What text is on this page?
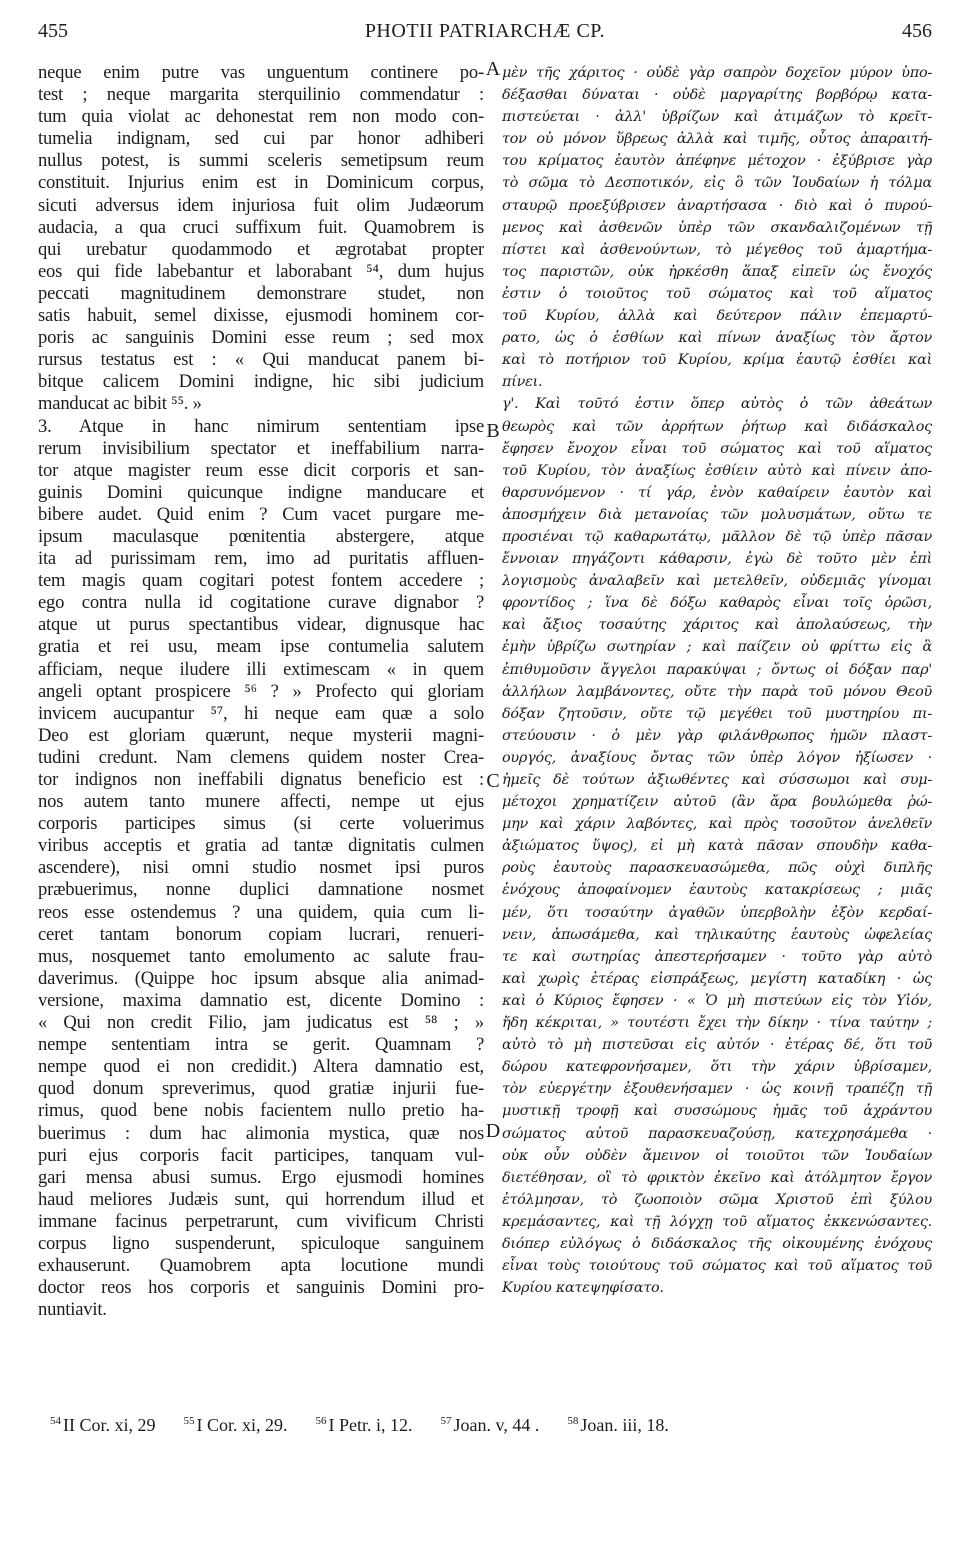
455	PHOTII PATRIARCHÆ CP.	456
neque enim putre vas unguentum continere po-
test ; neque margarita sterquilinio commendatur :
tum quia violat ac dehonestat rem non modo con-
tumelia indignam, sed cui par honor adhiberi
nullus potest, is summi sceleris semetipsum reum
constituit. Injurius enim est in Dominicum corpus,
sicuti adversus idem injuriosa fuit olim Judæorum
audacia, a qua cruci suffixum fuit. Quamobrem is
qui urebatur quodammodo et ægrotabat propter
eos qui fide labebantur et laborabant ⁵⁴, dum hujus
peccati magnitudinem demonstrare studet, non
satis habuit, semel dixisse, ejusmodi hominem cor-
poris ac sanguinis Domini esse reum ; sed mox
rursus testatus est : « Qui manducat panem bi-
bitque calicem Domini indigne, hic sibi judicium
manducat ac bibit ⁵⁵. »
3. Atque in hanc nimirum sententiam ipse
rerum invisibilium spectator et ineffabilium narra-
tor atque magister reum esse dicit corporis et san-
guinis Domini quicunque indigne manducare et
bibere audet. Quid enim ? Cum vacet purgare me-
ipsum maculasque pœnitentia abstergere, atque
ita ad purissimam rem, imo ad puritatis affluen-
tem magis quam cogitari potest fontem accedere ;
ego contra nulla id cogitatione curave dignabor ?
atque ut purus spectantibus videar, dignusque hac
gratia et rei usu, meam ipse contumelia salutem
afficiam, neque iludere illi extimescam « in quem
angeli optant prospicere ⁵⁶ ? » Profecto qui gloriam
invicem aucupantur ⁵⁷, hi neque eam quæ a solo
Deo est gloriam quærunt, neque mysterii magni-
tudini credunt. Nam clemens quidem noster Crea-
tor indignos non ineffabili dignatus beneficio est :
nos autem tanto munere affecti, nempe ut ejus
corporis participes simus (si certe voluerimus
viribus acceptis et gratia ad tantæ dignitatis culmen
ascendere), nisi omni studio nosmet ipsi puros
præbuerimus, nonne duplici damnatione nosmet
reos esse ostendemus ? una quidem, quia cum li-
ceret tantam bonorum copiam lucrari, renueri-
mus, nosquemet tanto emolumento ac salute frau-
daverimus. (Quippe hoc ipsum absque alia animad-
versione, maxima damnatio est, dicente Domino :
« Qui non credit Filio, jam judicatus est ⁵⁸ ; »
nempe sententiam intra se gerit. Quamnam ?
nempe quod ei non credidit.) Altera damnatio est,
quod donum spreverimus, quod gratiæ injurii fue-
rimus, quod bene nobis facientem nullo pretio ha-
buerimus : dum hac alimonia mystica, quæ nos
puri ejus corporis facit participes, tanquam vul-
gari mensa abusi sumus. Ergo ejusmodi homines
haud meliores Judæis sunt, qui horrendum illud et
immane facinus perpetrarunt, cum vivificum Christi
corpus ligno suspenderunt, spiculoque sanguinem
exhauserunt. Quamobrem apta locutione mundi
doctor reos hos corporis et sanguinis Domini pro-
nuntiavit.
μὲν τῆς χάριτος · οὐδὲ γὰρ σαπρὸν δοχεῖον μύρον ὑπο-
δέξασθαι δύναται · οὐδὲ μαργαρίτης βορβόρῳ κατα-
πιστεύεται · ἀλλ' ὑβρίζων καὶ ἀτιμάζων τὸ κρεῖτ-
τον οὐ μόνον ὕβρεως ἀλλὰ καὶ τιμῆς, οὗτος ἀπαραιτή-
του κρίματος ἑαυτὸν ἀπέφηνε μέτοχον · ἐξύβρισε γὰρ
τὸ σῶμα τὸ Δεσποτικόν, εἰς ὃ τῶν Ἰουδαίων ἡ τόλμα
σταυρῷ προεξύβρισεν ἀναρτήσασα · διὸ καὶ ὁ πυρού-
μενος καὶ ἀσθενῶν ὑπὲρ τῶν σκανδαλιζομένων τῇ
πίστει καὶ ἀσθενούντων, τὸ μέγεθος τοῦ ἁμαρτήμα-
τος παριστῶν, οὐκ ἠρκέσθη ἅπαξ εἰπεῖν ὡς ἔνοχός
ἐστιν ὁ τοιοῦτος τοῦ σώματος καὶ τοῦ αἵματος
τοῦ Κυρίου, ἀλλὰ καὶ δεύτερον πάλιν ἐπεμαρτύ-
ρατο, ὡς ὁ ἐσθίων καὶ πίνων ἀναξίως τὸν ἄρτον
καὶ τὸ ποτήριον τοῦ Κυρίου, κρίμα ἑαυτῷ ἐσθίει καὶ
πίνει.
γ'. Καὶ τοῦτό ἐστιν ὅπερ αὐτὸς ὁ τῶν ἀθεάτων
θεωρὸς καὶ τῶν ἀρρήτων ῥήτωρ καὶ διδάσκαλος
ἔφησεν ἔνοχον εἶναι τοῦ σώματος καὶ τοῦ αἵματος
τοῦ Κυρίου, τὸν ἀναξίως ἐσθίειν αὐτὸ καὶ πίνειν ἀπο-
θαρσυνόμενον · τί γάρ, ἐνὸν καθαίρειν ἑαυτὸν καὶ
ἀποσμήχειν διὰ μετανοίας τῶν μολυσμάτων, οὕτω τε
προσιέναι τῷ καθαρωτάτῳ, μᾶλλον δὲ τῷ ὑπὲρ πᾶσαν
ἔννοιαν πηγάζοντι κάθαρσιν, ἐγὼ δὲ τοῦτο μὲν ἐπὶ
λογισμοὺς ἀναλαβεῖν καὶ μετελθεῖν, οὐδεμιᾶς γίνομαι
φροντίδος ; ἵνα δὲ δόξω καθαρὸς εἶναι τοῖς ὁρῶσι,
καὶ ἄξιος τοσαύτης χάριτος καὶ ἀπολαύσεως, τὴν
ἐμὴν ὑβρίζω σωτηρίαν ; καὶ παίζειν οὐ φρίττω εἰς ἃ
ἐπιθυμοῦσιν ἄγγελοι παρακύψαι ; ὄντως οἱ δόξαν παρ'
ἀλλήλων λαμβάνοντες, οὔτε τὴν παρὰ τοῦ μόνου Θεοῦ
δόξαν ζητοῦσιν, οὔτε τῷ μεγέθει τοῦ μυστηρίου πι-
στεύουσιν · ὁ μὲν γὰρ φιλάνθρωπος ἡμῶν πλαστ-
ουργός, ἀναξίους ὄντας τῶν ὑπὲρ λόγον ἠξίωσεν ·
ἡμεῖς δὲ τούτων ἀξιωθέντες καὶ σύσσωμοι καὶ συμ-
μέτοχοι χρηματίζειν αὐτοῦ (ἂν ἄρα βουλώμεθα ῥώ-
μην καὶ χάριν λαβόντες, καὶ πρὸς τοσοῦτον ἀνελθεῖν
ἀξιώματος ὕψος), εἰ μὴ κατὰ πᾶσαν σπουδὴν καθα-
ροὺς ἑαυτοὺς παρασκευασώμεθα, πῶς οὐχὶ διπλῆς
ἐνόχους ἀποφαίνομεν ἑαυτοὺς κατακρίσεως ; μιᾶς
μέν, ὅτι τοσαύτην ἀγαθῶν ὑπερβολὴν ἐξὸν κερδαί-
νειν, ἀπωσάμεθα, καὶ τηλικαύτης ἑαυτοὺς ὠφελείας
τε καὶ σωτηρίας ἀπεστερήσαμεν · τοῦτο γὰρ αὐτὸ
καὶ χωρὶς ἑτέρας εἰσπράξεως, μεγίστη καταδίκη · ὡς
καὶ ὁ Κύριος ἔφησεν · « Ὁ μὴ πιστεύων εἰς τὸν Υἱόν,
ἤδη κέκριται, » τουτέστι ἔχει τὴν δίκην · τίνα ταύτην ;
αὐτὸ τὸ μὴ πιστεῦσαι εἰς αὐτόν · ἑτέρας δέ, ὅτι τοῦ
δώρου κατεφρονήσαμεν, ὅτι τὴν χάριν ὑβρίσαμεν,
τὸν εὐεργέτην ἐξουθενήσαμεν · ὡς κοινῇ τραπέζῃ τῇ
μυστικῇ τροφῇ καὶ συσσώμους ἡμᾶς τοῦ ἀχράντου
σώματος αὐτοῦ παρασκευαζούσῃ, κατεχρησάμεθα ·
οὐκ οὖν οὐδὲν ἄμεινον οἱ τοιοῦτοι τῶν Ἰουδαίων
διετέθησαν, οἳ τὸ φρικτὸν ἐκεῖνο καὶ ἀτόλμητον ἔργον
ἐτόλμησαν, τὸ ζωοποιὸν σῶμα Χριστοῦ ἐπὶ ξύλου
κρεμάσαντες, καὶ τῇ λόγχῃ τοῦ αἵματος ἐκκενώσαντες.
διόπερ εὐλόγως ὁ διδάσκαλος τῆς οἰκουμένης ἐνόχους
εἶναι τοὺς τοιούτους τοῦ σώματος καὶ τοῦ αἵματος τοῦ
Κυρίου κατεψηφίσατο.
A
B
C
D
$^{54}$ II Cor. xi, 29	$^{55}$ I Cor. xi, 29.	$^{56}$ I Petr. i, 12.	$^{57}$ Joan. v, 44 .	$^{58}$ Joan. iii, 18.
